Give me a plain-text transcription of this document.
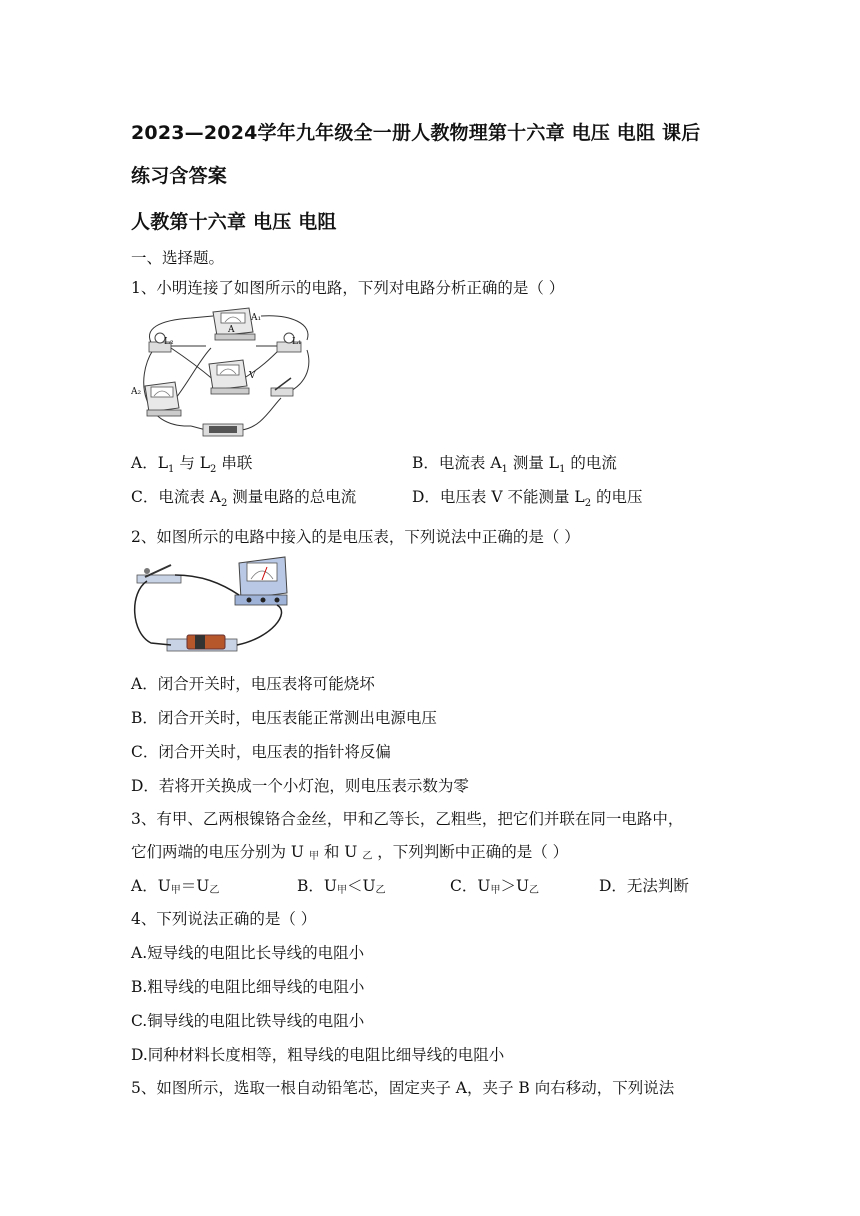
2023—2024学年九年级全一册人教物理第十六章 电压 电阻 课后
练习含答案
人教第十六章 电压 电阻
一、选择题。
1、小明连接了如图所示的电路，下列对电路分析正确的是（ ）
A₁
A₂
L₁
L₂
V
A
A．$L_1$ 与 $L_2$ 串联	B．电流表 $A_1$ 测量 $L_1$ 的电流
C．电流表 $A_2$ 测量电路的总电流	D．电压表 V 不能测量 $L_2$ 的电压
2、如图所示的电路中接入的是电压表，下列说法中正确的是（ ）
A．闭合开关时，电压表将可能烧坏
B．闭合开关时，电压表能正常测出电源电压
C．闭合开关时，电压表的指针将反偏
D．若将开关换成一个小灯泡，则电压表示数为零
3、有甲、乙两根镍铬合金丝，甲和乙等长，乙粗些，把它们并联在同一电路中，
它们两端的电压分别为 U 甲 和 U 乙 ，下列判断中正确的是（ ）
A．U甲＝U乙	B．U甲＜U乙	C．U甲＞U乙	D．无法判断
4、下列说法正确的是（ ）
A.短导线的电阻比长导线的电阻小
B.粗导线的电阻比细导线的电阻小
C.铜导线的电阻比铁导线的电阻小
D.同种材料长度相等，粗导线的电阻比细导线的电阻小
5、如图所示，选取一根自动铅笔芯，固定夹子 A，夹子 B 向右移动，下列说法
